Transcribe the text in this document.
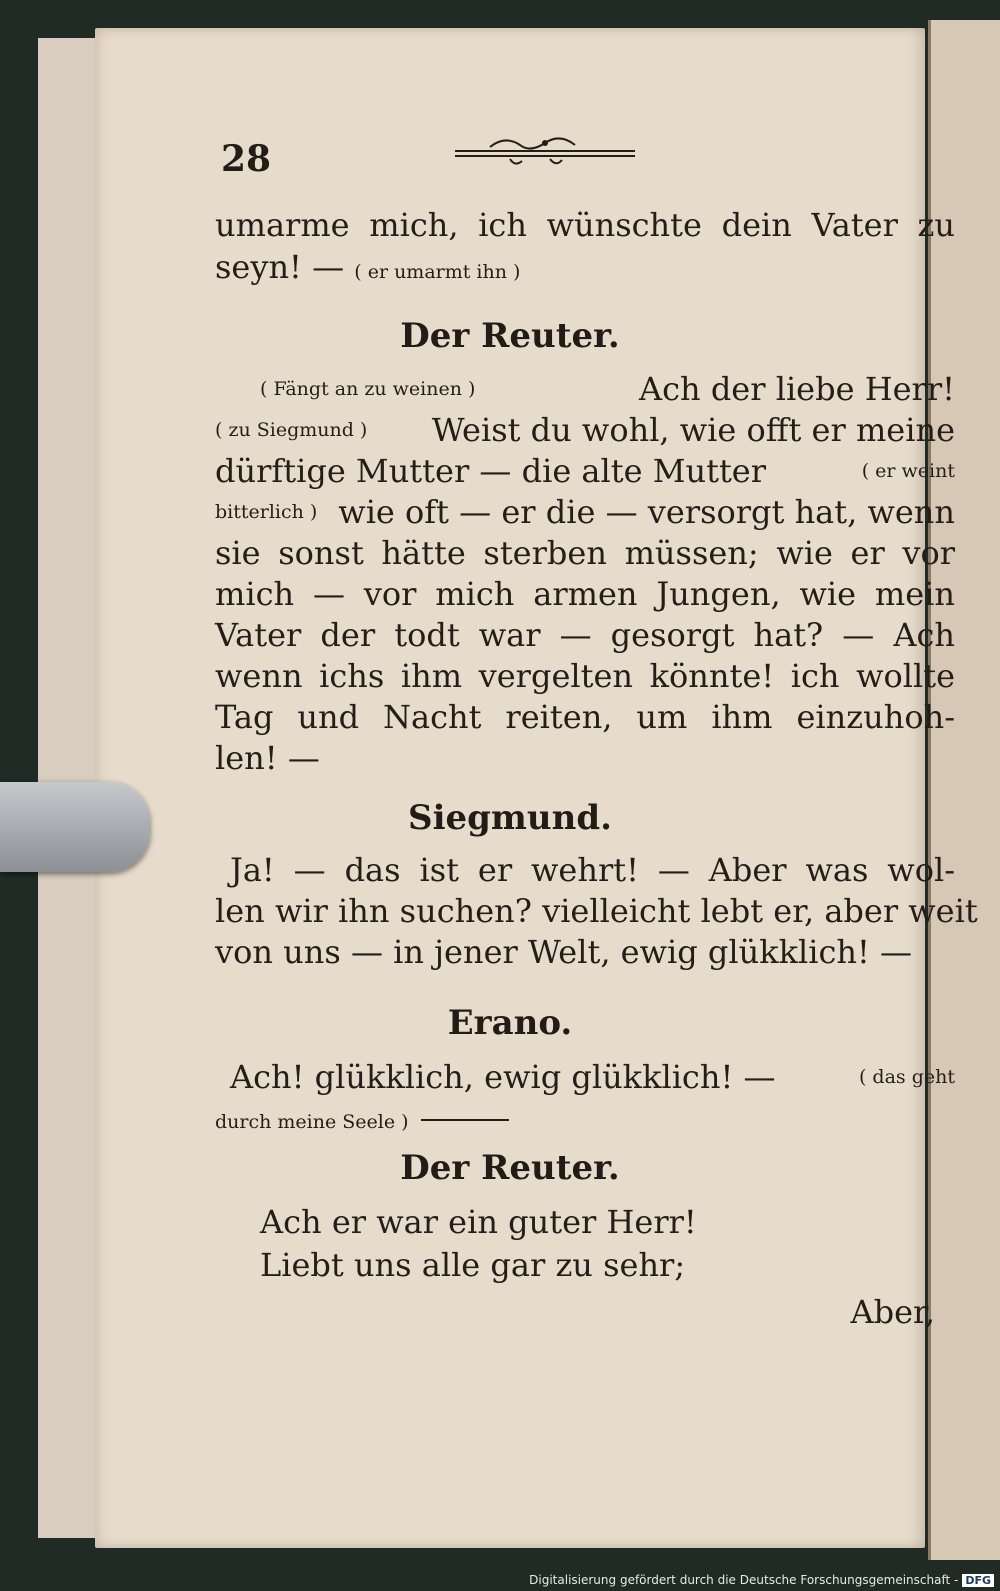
28
umarme mich, ich wünschte dein Vater zu
seyn! — ( er umarmt ihn )
Der Reuter.
( Fängt an zu weinen )	Ach der liebe Herr!
( zu Siegmund ) Weist du wohl, wie offt er meine
dürftige Mutter — die alte Mutter	( er weint
bitterlich ) wie oft — er die — versorgt hat, wenn
sie sonst hätte sterben müssen; wie er vor
mich — vor mich armen Jungen, wie mein
Vater der todt war — gesorgt hat? — Ach
wenn ichs ihm vergelten könnte! ich wollte
Tag und Nacht reiten, um ihm einzuhoh-
len! —
Siegmund.
Ja! — das ist er wehrt! — Aber was wol-
len wir ihn suchen? vielleicht lebt er, aber weit
von uns — in jener Welt, ewig glükklich! —
Erano.
Ach! glükklich, ewig glükklich! —	( das geht
durch meine Seele )
Der Reuter.
Ach er war ein guter Herr!
Liebt uns alle gar zu sehr;
Aber,
Digitalisierung gefördert durch die Deutsche Forschungsgemeinschaft - DFG
